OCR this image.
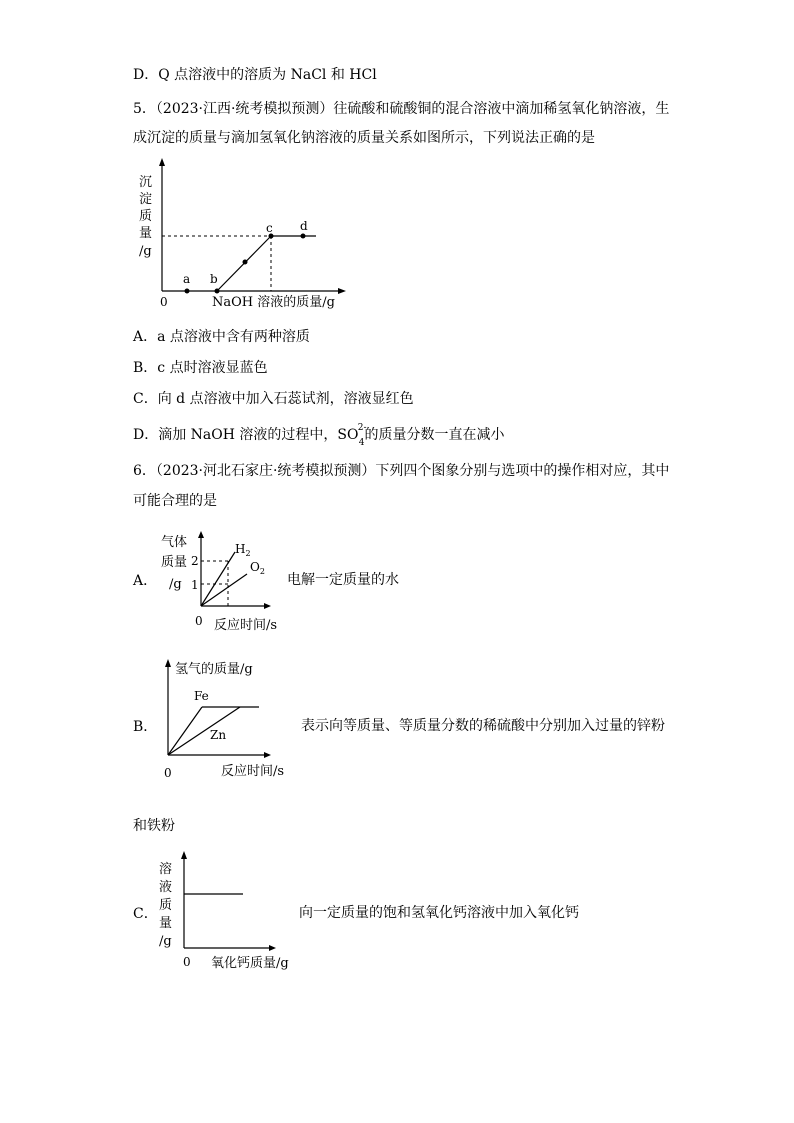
D．Q 点溶液中的溶质为 NaCl 和 HCl
5．（2023·江西·统考模拟预测）往硫酸和硫酸铜的混合溶液中滴加稀氢氧化钠溶液，生
成沉淀的质量与滴加氢氧化钠溶液的质量关系如图所示，下列说法正确的是
沉
淀
质
量
/g
a b
c d
0	NaOH 溶液的质量/g
A．a 点溶液中含有两种溶质
B．c 点时溶液显蓝色
C．向 d 点溶液中加入石蕊试剂，溶液显红色
D．滴加 NaOH 溶液的过程中，SO 2-
4 的质量分数一直在减小
6．（2023·河北石家庄·统考模拟预测）下列四个图象分别与选项中的操作相对应，其中
可能合理的是
A．
气体
质量
/g
2
1
$H_2$
$O_2$
0 反应时间/s
电解一定质量的水
B．
氢气的质量/g
Fe
Zn
0	反应时间/s
表示向等质量、等质量分数的稀硫酸中分别加入过量的锌粉
和铁粉
C．
溶
液
质
量
/g
0 氧化钙质量/g
向一定质量的饱和氢氧化钙溶液中加入氧化钙
